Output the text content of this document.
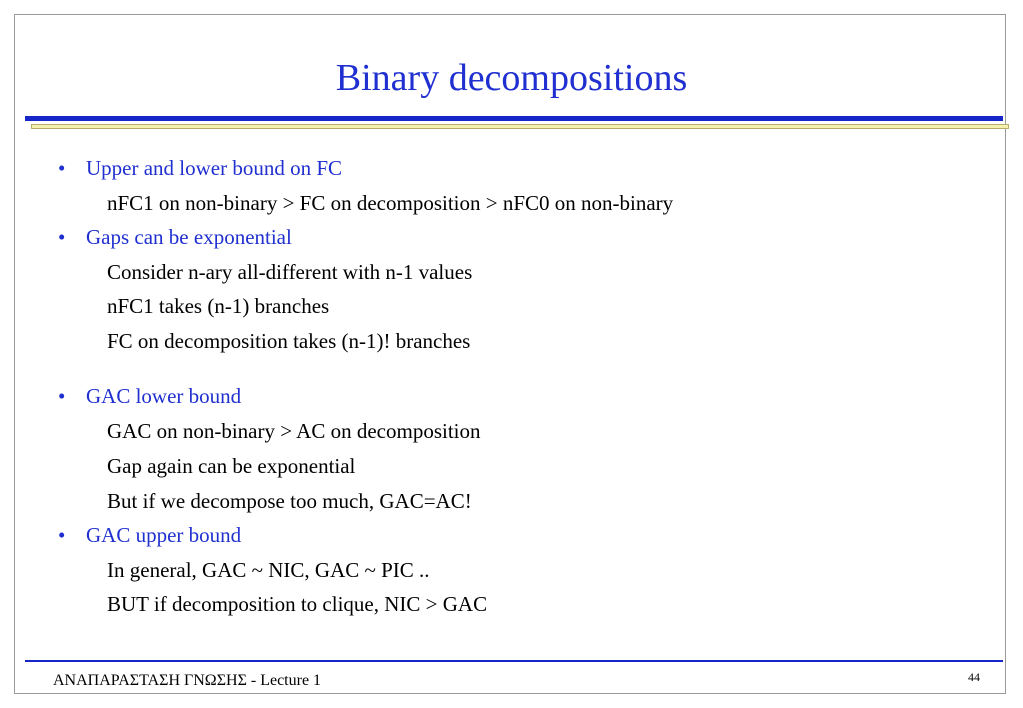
Binary decompositions
• Upper and lower bound on FC
nFC1 on non-binary > FC on decomposition > nFC0 on non-binary
• Gaps can be exponential
Consider n-ary all-different with n-1 values
nFC1 takes (n-1) branches
FC on decomposition takes (n-1)! branches
• GAC lower bound
GAC on non-binary > AC on decomposition
Gap again can be exponential
But if we decompose too much, GAC=AC!
• GAC upper bound
In general, GAC ~ NIC, GAC ~ PIC ..
BUT if decomposition to clique, NIC > GAC
ΑΝΑΠΑΡΑΣΤΑΣΗ ΓΝΩΣΗΣ - Lecture 1	44
